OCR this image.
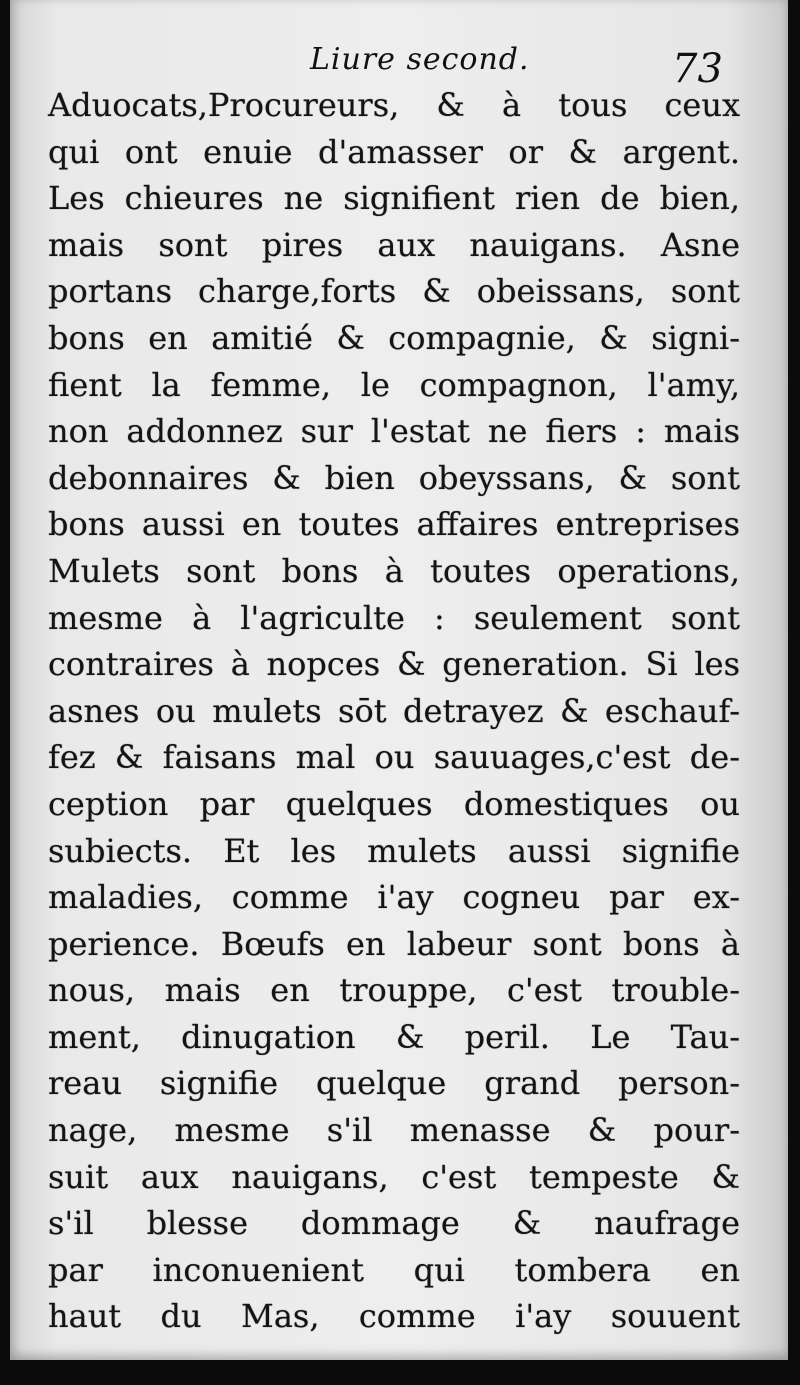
Liure second.	73
Aduocats,Procureurs, & à tous ceux
qui ont enuie d'amasser or & argent.
Les chieures ne signifient rien de bien,
mais sont pires aux nauigans. Asne
portans charge,forts & obeissans, sont
bons en amitié & compagnie, & signi-
fient la femme, le compagnon, l'amy,
non addonnez sur l'estat ne fiers : mais
debonnaires & bien obeyssans, & sont
bons aussi en toutes affaires entreprises
Mulets sont bons à toutes operations,
mesme à l'agriculte : seulement sont
contraires à nopces & generation. Si les
asnes ou mulets sōt detrayez & eschauf-
fez & faisans mal ou sauuages,c'est de-
ception par quelques domestiques ou
subiects. Et les mulets aussi signifie
maladies, comme i'ay cogneu par ex-
perience. Bœufs en labeur sont bons à
nous, mais en trouppe, c'est trouble-
ment, dinugation & peril. Le Tau-
reau signifie quelque grand person-
nage, mesme s'il menasse & pour-
suit aux nauigans, c'est tempeste &
s'il blesse dommage & naufrage
par inconuenient qui tombera en
haut du Mas, comme i'ay souuent
